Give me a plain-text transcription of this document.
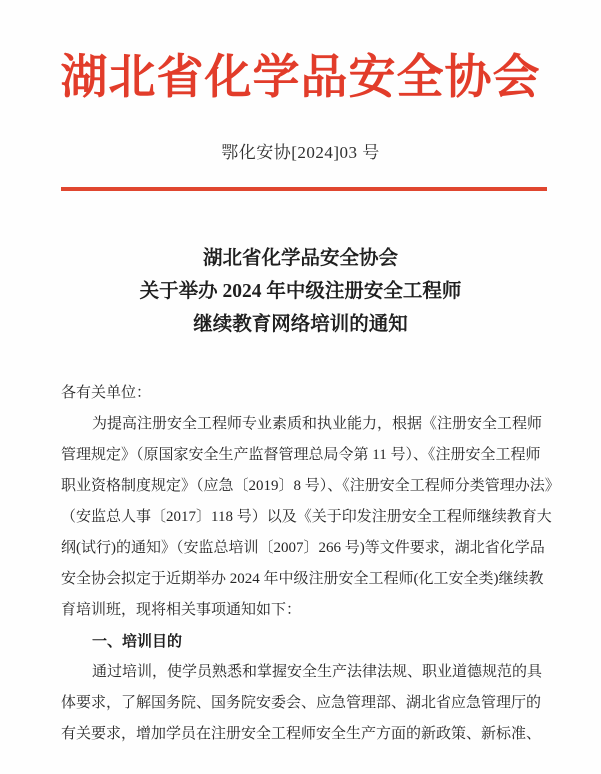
湖北省化学品安全协会
鄂化安协[2024]03 号
湖北省化学品安全协会
关于举办 2024 年中级注册安全工程师
继续教育网络培训的通知
各有关单位：
为提高注册安全工程师专业素质和执业能力，根据《注册安全工程师
管理规定》（原国家安全生产监督管理总局令第 11 号）、《注册安全工程师
职业资格制度规定》（应急〔2019〕8 号）、《注册安全工程师分类管理办法》
（安监总人事〔2017〕118 号）以及《关于印发注册安全工程师继续教育大
纲(试行)的通知》（安监总培训〔2007〕266 号)等文件要求，湖北省化学品
安全协会拟定于近期举办 2024 年中级注册安全工程师(化工安全类)继续教
育培训班，现将相关事项通知如下：
一、培训目的
通过培训，使学员熟悉和掌握安全生产法律法规、职业道德规范的具
体要求，了解国务院、国务院安委会、应急管理部、湖北省应急管理厅的
有关要求，增加学员在注册安全工程师安全生产方面的新政策、新标准、
